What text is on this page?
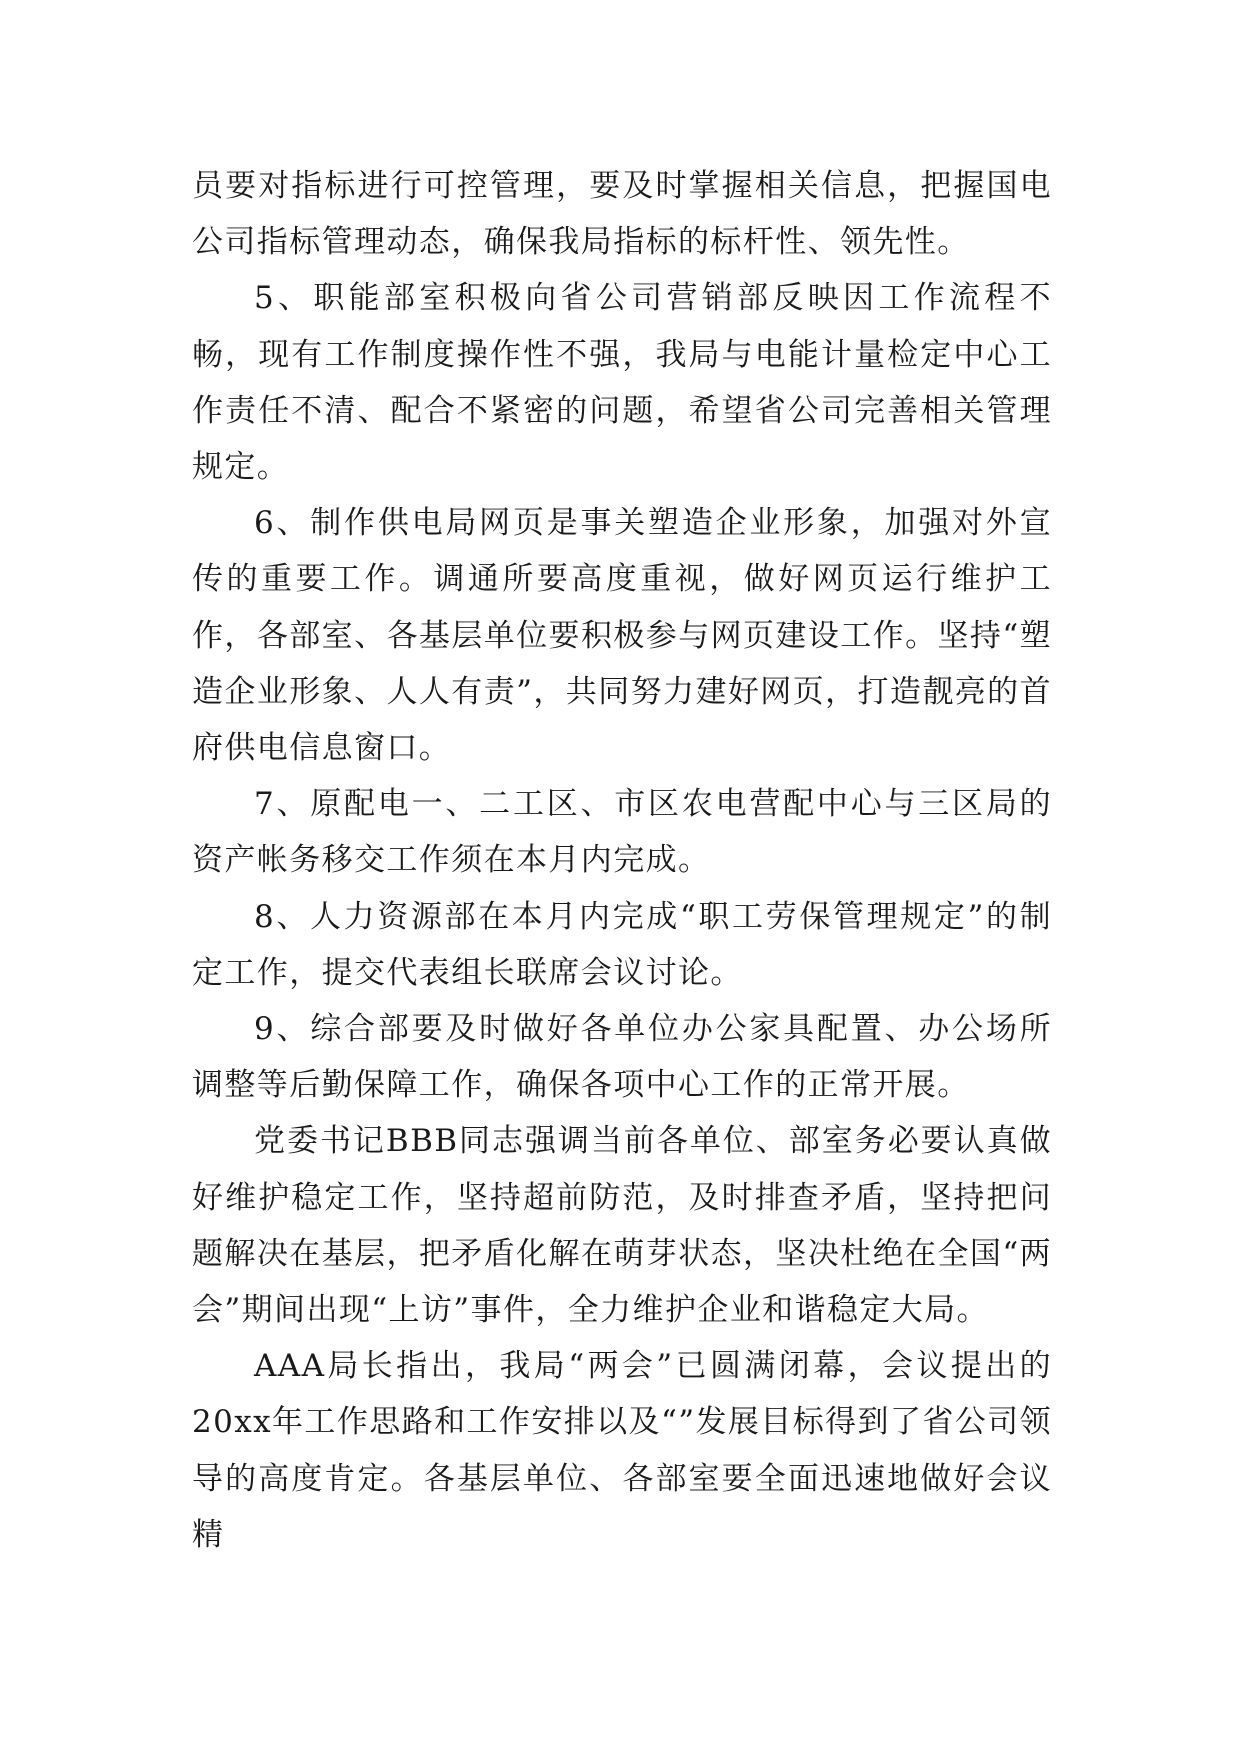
员要对指标进行可控管理，要及时掌握相关信息，把握国电公司指标管理动态，确保我局指标的标杆性、领先性。

5、职能部室积极向省公司营销部反映因工作流程不畅，现有工作制度操作性不强，我局与电能计量检定中心工作责任不清、配合不紧密的问题，希望省公司完善相关管理规定。

6、制作供电局网页是事关塑造企业形象，加强对外宣传的重要工作。调通所要高度重视，做好网页运行维护工作，各部室、各基层单位要积极参与网页建设工作。坚持“塑造企业形象、人人有责”，共同努力建好网页，打造靓亮的首府供电信息窗口。

7、原配电一、二工区、市区农电营配中心与三区局的资产帐务移交工作须在本月内完成。

8、人力资源部在本月内完成“职工劳保管理规定”的制定工作，提交代表组长联席会议讨论。

9、综合部要及时做好各单位办公家具配置、办公场所调整等后勤保障工作，确保各项中心工作的正常开展。

党委书记BBB同志强调当前各单位、部室务必要认真做好维护稳定工作，坚持超前防范，及时排查矛盾，坚持把问题解决在基层，把矛盾化解在萌芽状态，坚决杜绝在全国“两会”期间出现“上访”事件，全力维护企业和谐稳定大局。

AAA局长指出，我局“两会”已圆满闭幕，会议提出的20xx年工作思路和工作安排以及“”发展目标得到了省公司领导的高度肯定。各基层单位、各部室要全面迅速地做好会议精
